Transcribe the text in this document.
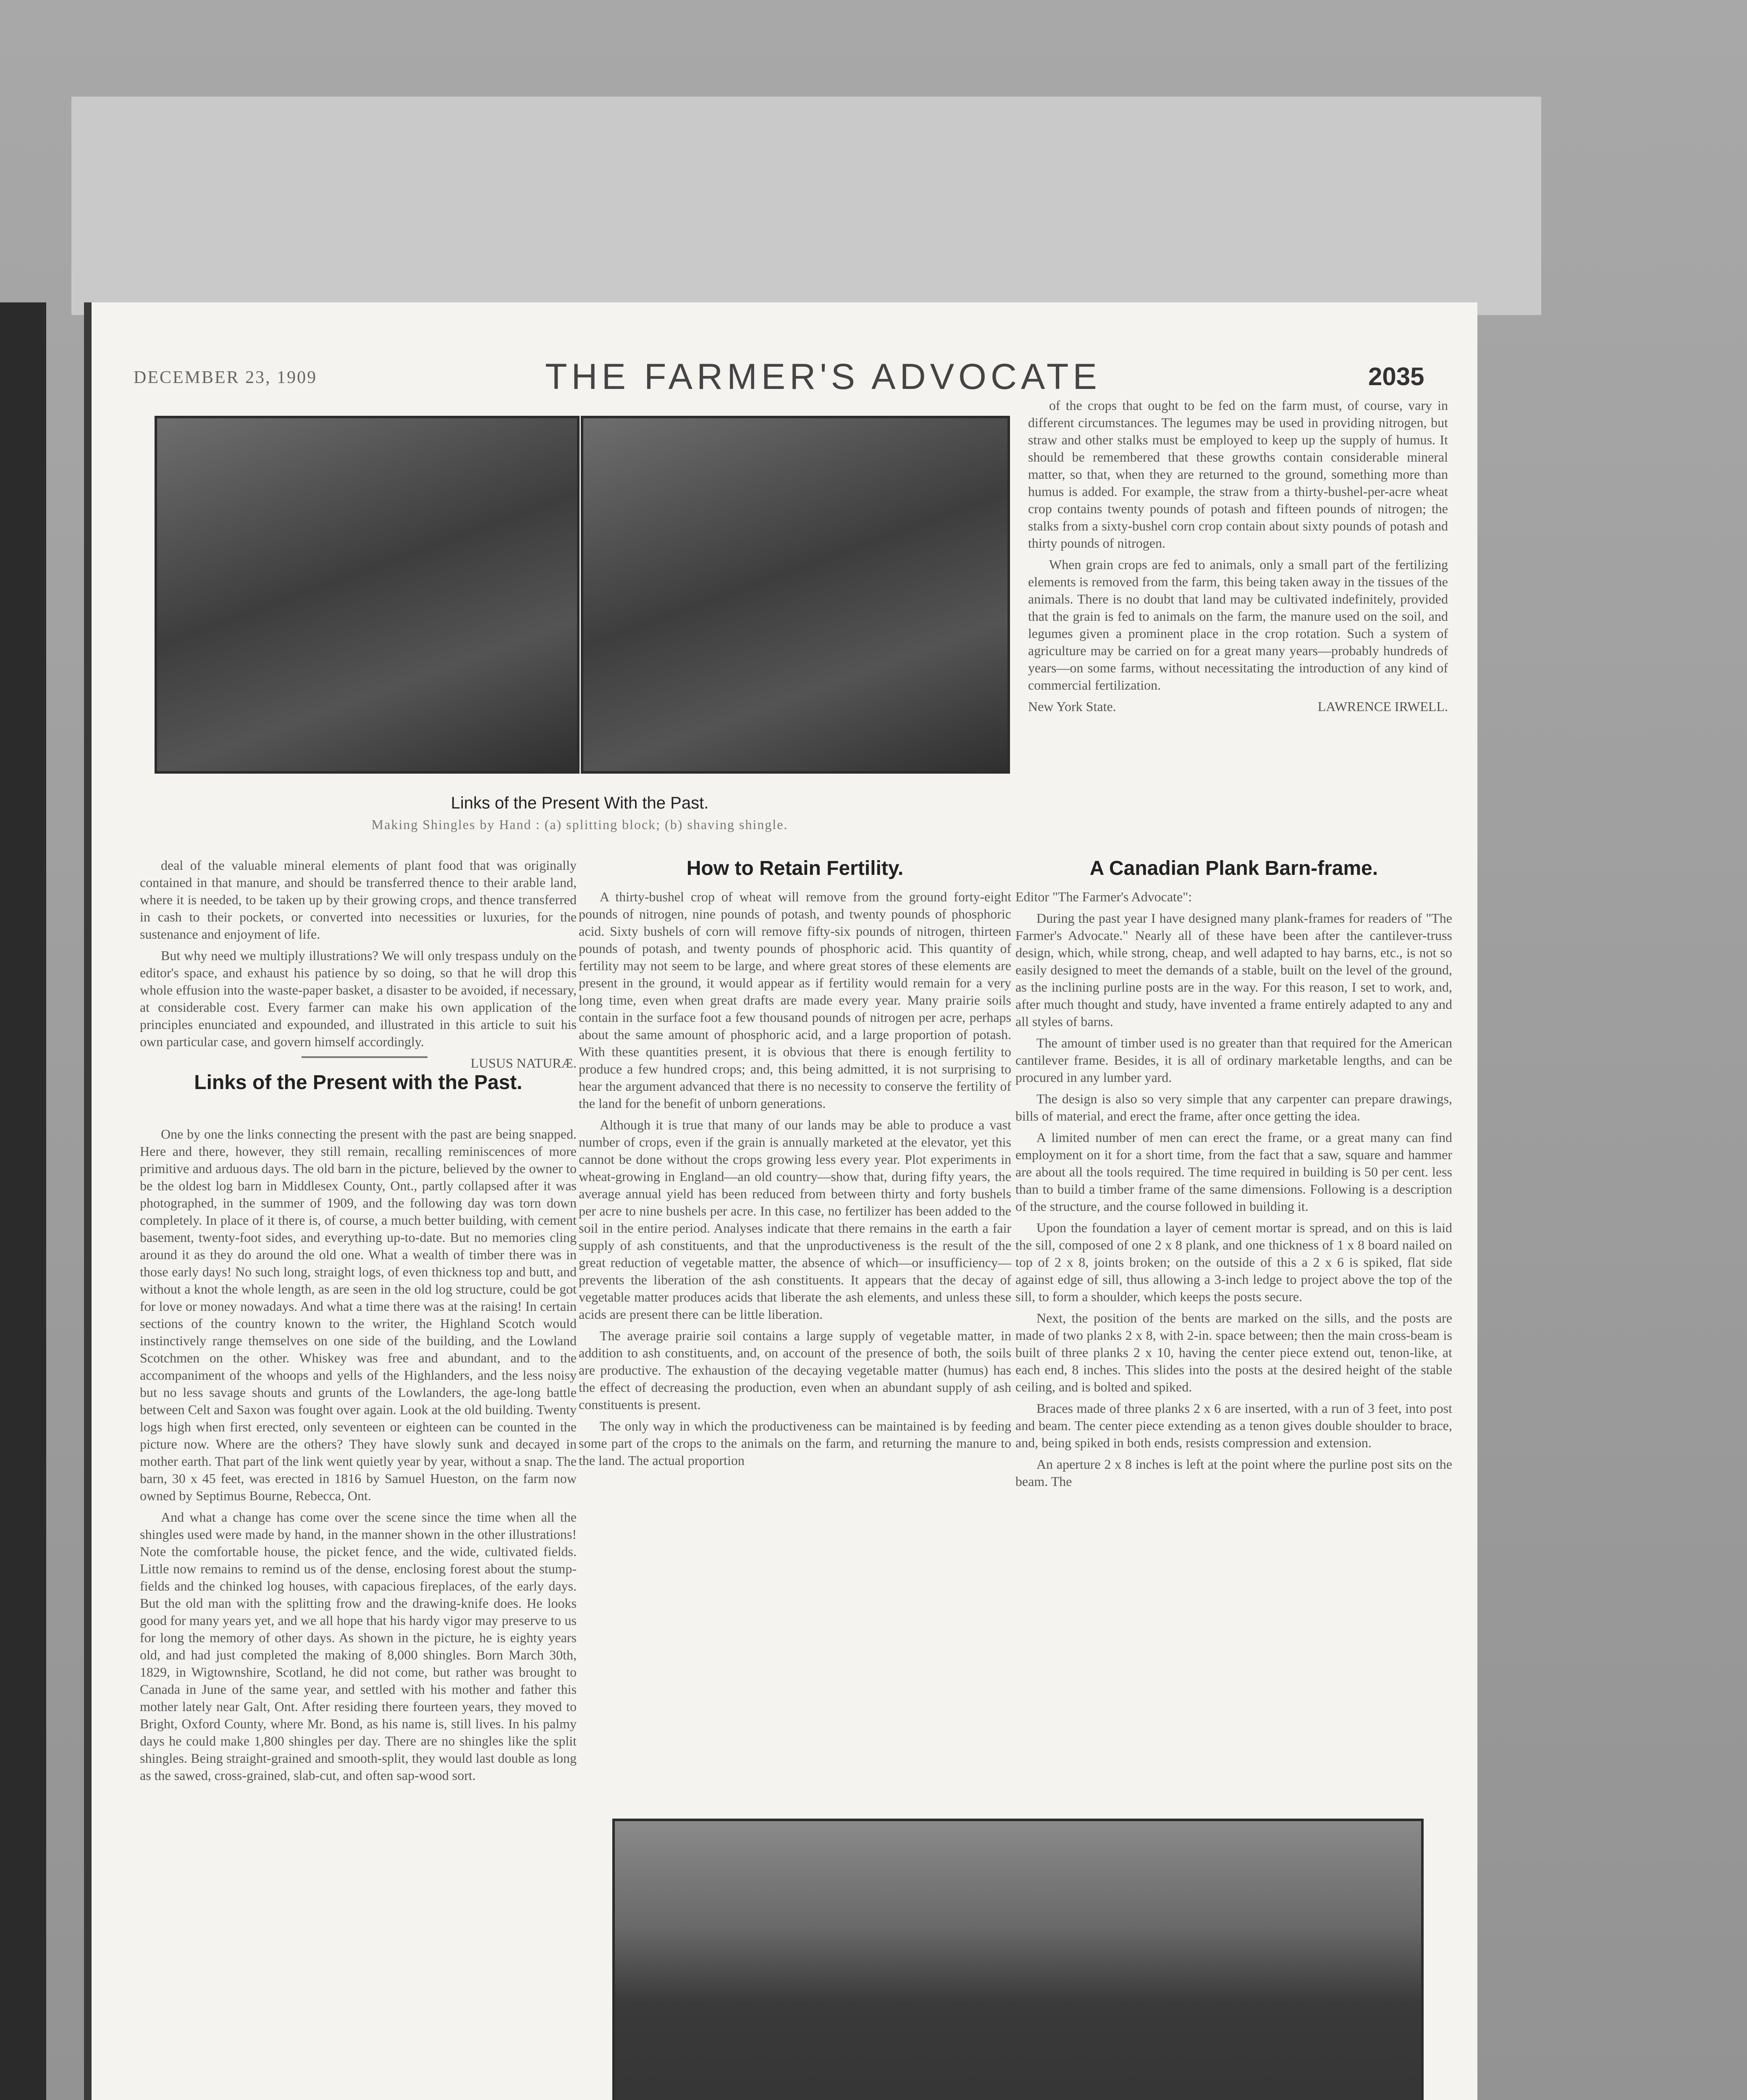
DECEMBER 23, 1909	THE FARMER'S ADVOCATE	2035
Links of the Present With the Past.
Making Shingles by Hand : (a) splitting block; (b) shaving shingle.

of the crops that ought to be fed on the farm must, of course, vary in different circumstances. The legumes may be used in providing nitrogen, but straw and other stalks must be employed to keep up the supply of humus. It should be remembered that these growths contain considerable mineral matter, so that, when they are returned to the ground, something more than humus is added. For example, the straw from a thirty-bushel-per-acre wheat crop contains twenty pounds of potash and fifteen pounds of nitrogen; the stalks from a sixty-bushel corn crop contain about sixty pounds of potash and thirty pounds of nitrogen.

When grain crops are fed to animals, only a small part of the fertilizing elements is removed from the farm, this being taken away in the tissues of the animals. There is no doubt that land may be cultivated indefinitely, provided that the grain is fed to animals on the farm, the manure used on the soil, and legumes given a prominent place in the crop rotation. Such a system of agriculture may be carried on for a great many years—probably hundreds of years—on some farms, without necessitating the introduction of any kind of commercial fertilization.

New York State.	LAWRENCE IRWELL.

deal of the valuable mineral elements of plant food that was originally contained in that manure, and should be transferred thence to their arable land, where it is needed, to be taken up by their growing crops, and thence transferred in cash to their pockets, or converted into necessities or luxuries, for the sustenance and enjoyment of life.

But why need we multiply illustrations? We will only trespass unduly on the editor's space, and exhaust his patience by so doing, so that he will drop this whole effusion into the waste-paper basket, a disaster to be avoided, if necessary, at considerable cost. Every farmer can make his own application of the principles enunciated and expounded, and illustrated in this article to suit his own particular case, and govern himself accordingly.

LUSUS NATURÆ.
Links of the Present with the Past.

One by one the links connecting the present with the past are being snapped. Here and there, however, they still remain, recalling reminiscences of more primitive and arduous days. The old barn in the picture, believed by the owner to be the oldest log barn in Middlesex County, Ont., partly collapsed after it was photographed, in the summer of 1909, and the following day was torn down completely. In place of it there is, of course, a much better building, with cement basement, twenty-foot sides, and everything up-to-date. But no memories cling around it as they do around the old one. What a wealth of timber there was in those early days! No such long, straight logs, of even thickness top and butt, and without a knot the whole length, as are seen in the old log structure, could be got for love or money nowadays. And what a time there was at the raising! In certain sections of the country known to the writer, the Highland Scotch would instinctively range themselves on one side of the building, and the Lowland Scotchmen on the other. Whiskey was free and abundant, and to the accompaniment of the whoops and yells of the Highlanders, and the less noisy but no less savage shouts and grunts of the Lowlanders, the age-long battle between Celt and Saxon was fought over again. Look at the old building. Twenty logs high when first erected, only seventeen or eighteen can be counted in the picture now. Where are the others? They have slowly sunk and decayed in mother earth. That part of the link went quietly year by year, without a snap. The barn, 30 x 45 feet, was erected in 1816 by Samuel Hueston, on the farm now owned by Septimus Bourne, Rebecca, Ont.

And what a change has come over the scene since the time when all the shingles used were made by hand, in the manner shown in the other illustrations! Note the comfortable house, the picket fence, and the wide, cultivated fields. Little now remains to remind us of the dense, enclosing forest about the stump-fields and the chinked log houses, with capacious fireplaces, of the early days. But the old man with the splitting frow and the drawing-knife does. He looks good for many years yet, and we all hope that his hardy vigor may preserve to us for long the memory of other days. As shown in the picture, he is eighty years old, and had just completed the making of 8,000 shingles. Born March 30th, 1829, in Wigtownshire, Scotland, he did not come, but rather was brought to Canada in June of the same year, and settled with his mother and father this mother lately near Galt, Ont. After residing there fourteen years, they moved to Bright, Oxford County, where Mr. Bond, as his name is, still lives. In his palmy days he could make 1,800 shingles per day. There are no shingles like the split shingles. Being straight-grained and smooth-split, they would last double as long as the sawed, cross-grained, slab-cut, and often sap-wood sort.

How to Retain Fertility.

A thirty-bushel crop of wheat will remove from the ground forty-eight pounds of nitrogen, nine pounds of potash, and twenty pounds of phosphoric acid. Sixty bushels of corn will remove fifty-six pounds of nitrogen, thirteen pounds of potash, and twenty pounds of phosphoric acid. This quantity of fertility may not seem to be large, and where great stores of these elements are present in the ground, it would appear as if fertility would remain for a very long time, even when great drafts are made every year. Many prairie soils contain in the surface foot a few thousand pounds of nitrogen per acre, perhaps about the same amount of phosphoric acid, and a large proportion of potash. With these quantities present, it is obvious that there is enough fertility to produce a few hundred crops; and, this being admitted, it is not surprising to hear the argument advanced that there is no necessity to conserve the fertility of the land for the benefit of unborn generations.

Although it is true that many of our lands may be able to produce a vast number of crops, even if the grain is annually marketed at the elevator, yet this cannot be done without the crops growing less every year. Plot experiments in wheat-growing in England—an old country—show that, during fifty years, the average annual yield has been reduced from between thirty and forty bushels per acre to nine bushels per acre. In this case, no fertilizer has been added to the soil in the entire period. Analyses indicate that there remains in the earth a fair supply of ash constituents, and that the unproductiveness is the result of the great reduction of vegetable matter, the absence of which—or insufficiency—prevents the liberation of the ash constituents. It appears that the decay of vegetable matter produces acids that liberate the ash elements, and unless these acids are present there can be little liberation.

The average prairie soil contains a large supply of vegetable matter, in addition to ash constituents, and, on account of the presence of both, the soils are productive. The exhaustion of the decaying vegetable matter (humus) has the effect of decreasing the production, even when an abundant supply of ash constituents is present.

The only way in which the productiveness can be maintained is by feeding some part of the crops to the animals on the farm, and returning the manure to the land. The actual proportion

A Canadian Plank Barn-frame.

Editor "The Farmer's Advocate":

During the past year I have designed many plank-frames for readers of "The Farmer's Advocate." Nearly all of these have been after the cantilever-truss design, which, while strong, cheap, and well adapted to hay barns, etc., is not so easily designed to meet the demands of a stable, built on the level of the ground, as the inclining purline posts are in the way. For this reason, I set to work, and, after much thought and study, have invented a frame entirely adapted to any and all styles of barns.

The amount of timber used is no greater than that required for the American cantilever frame. Besides, it is all of ordinary marketable lengths, and can be procured in any lumber yard.

The design is also so very simple that any carpenter can prepare drawings, bills of material, and erect the frame, after once getting the idea.

A limited number of men can erect the frame, or a great many can find employment on it for a short time, from the fact that a saw, square and hammer are about all the tools required. The time required in building is 50 per cent. less than to build a timber frame of the same dimensions. Following is a description of the structure, and the course followed in building it.

Upon the foundation a layer of cement mortar is spread, and on this is laid the sill, composed of one 2 x 8 plank, and one thickness of 1 x 8 board nailed on top of 2 x 8, joints broken; on the outside of this a 2 x 6 is spiked, flat side against edge of sill, thus allowing a 3-inch ledge to project above the top of the sill, to form a shoulder, which keeps the posts secure.

Next, the position of the bents are marked on the sills, and the posts are made of two planks 2 x 8, with 2-in. space between; then the main cross-beam is built of three planks 2 x 10, having the center piece extend out, tenon-like, at each end, 8 inches. This slides into the posts at the desired height of the stable ceiling, and is bolted and spiked.

Braces made of three planks 2 x 6 are inserted, with a run of 3 feet, into post and beam. The center piece extending as a tenon gives double shoulder to brace, and, being spiked in both ends, resists compression and extension.

An aperture 2 x 8 inches is left at the point where the purline post sits on the beam. The
